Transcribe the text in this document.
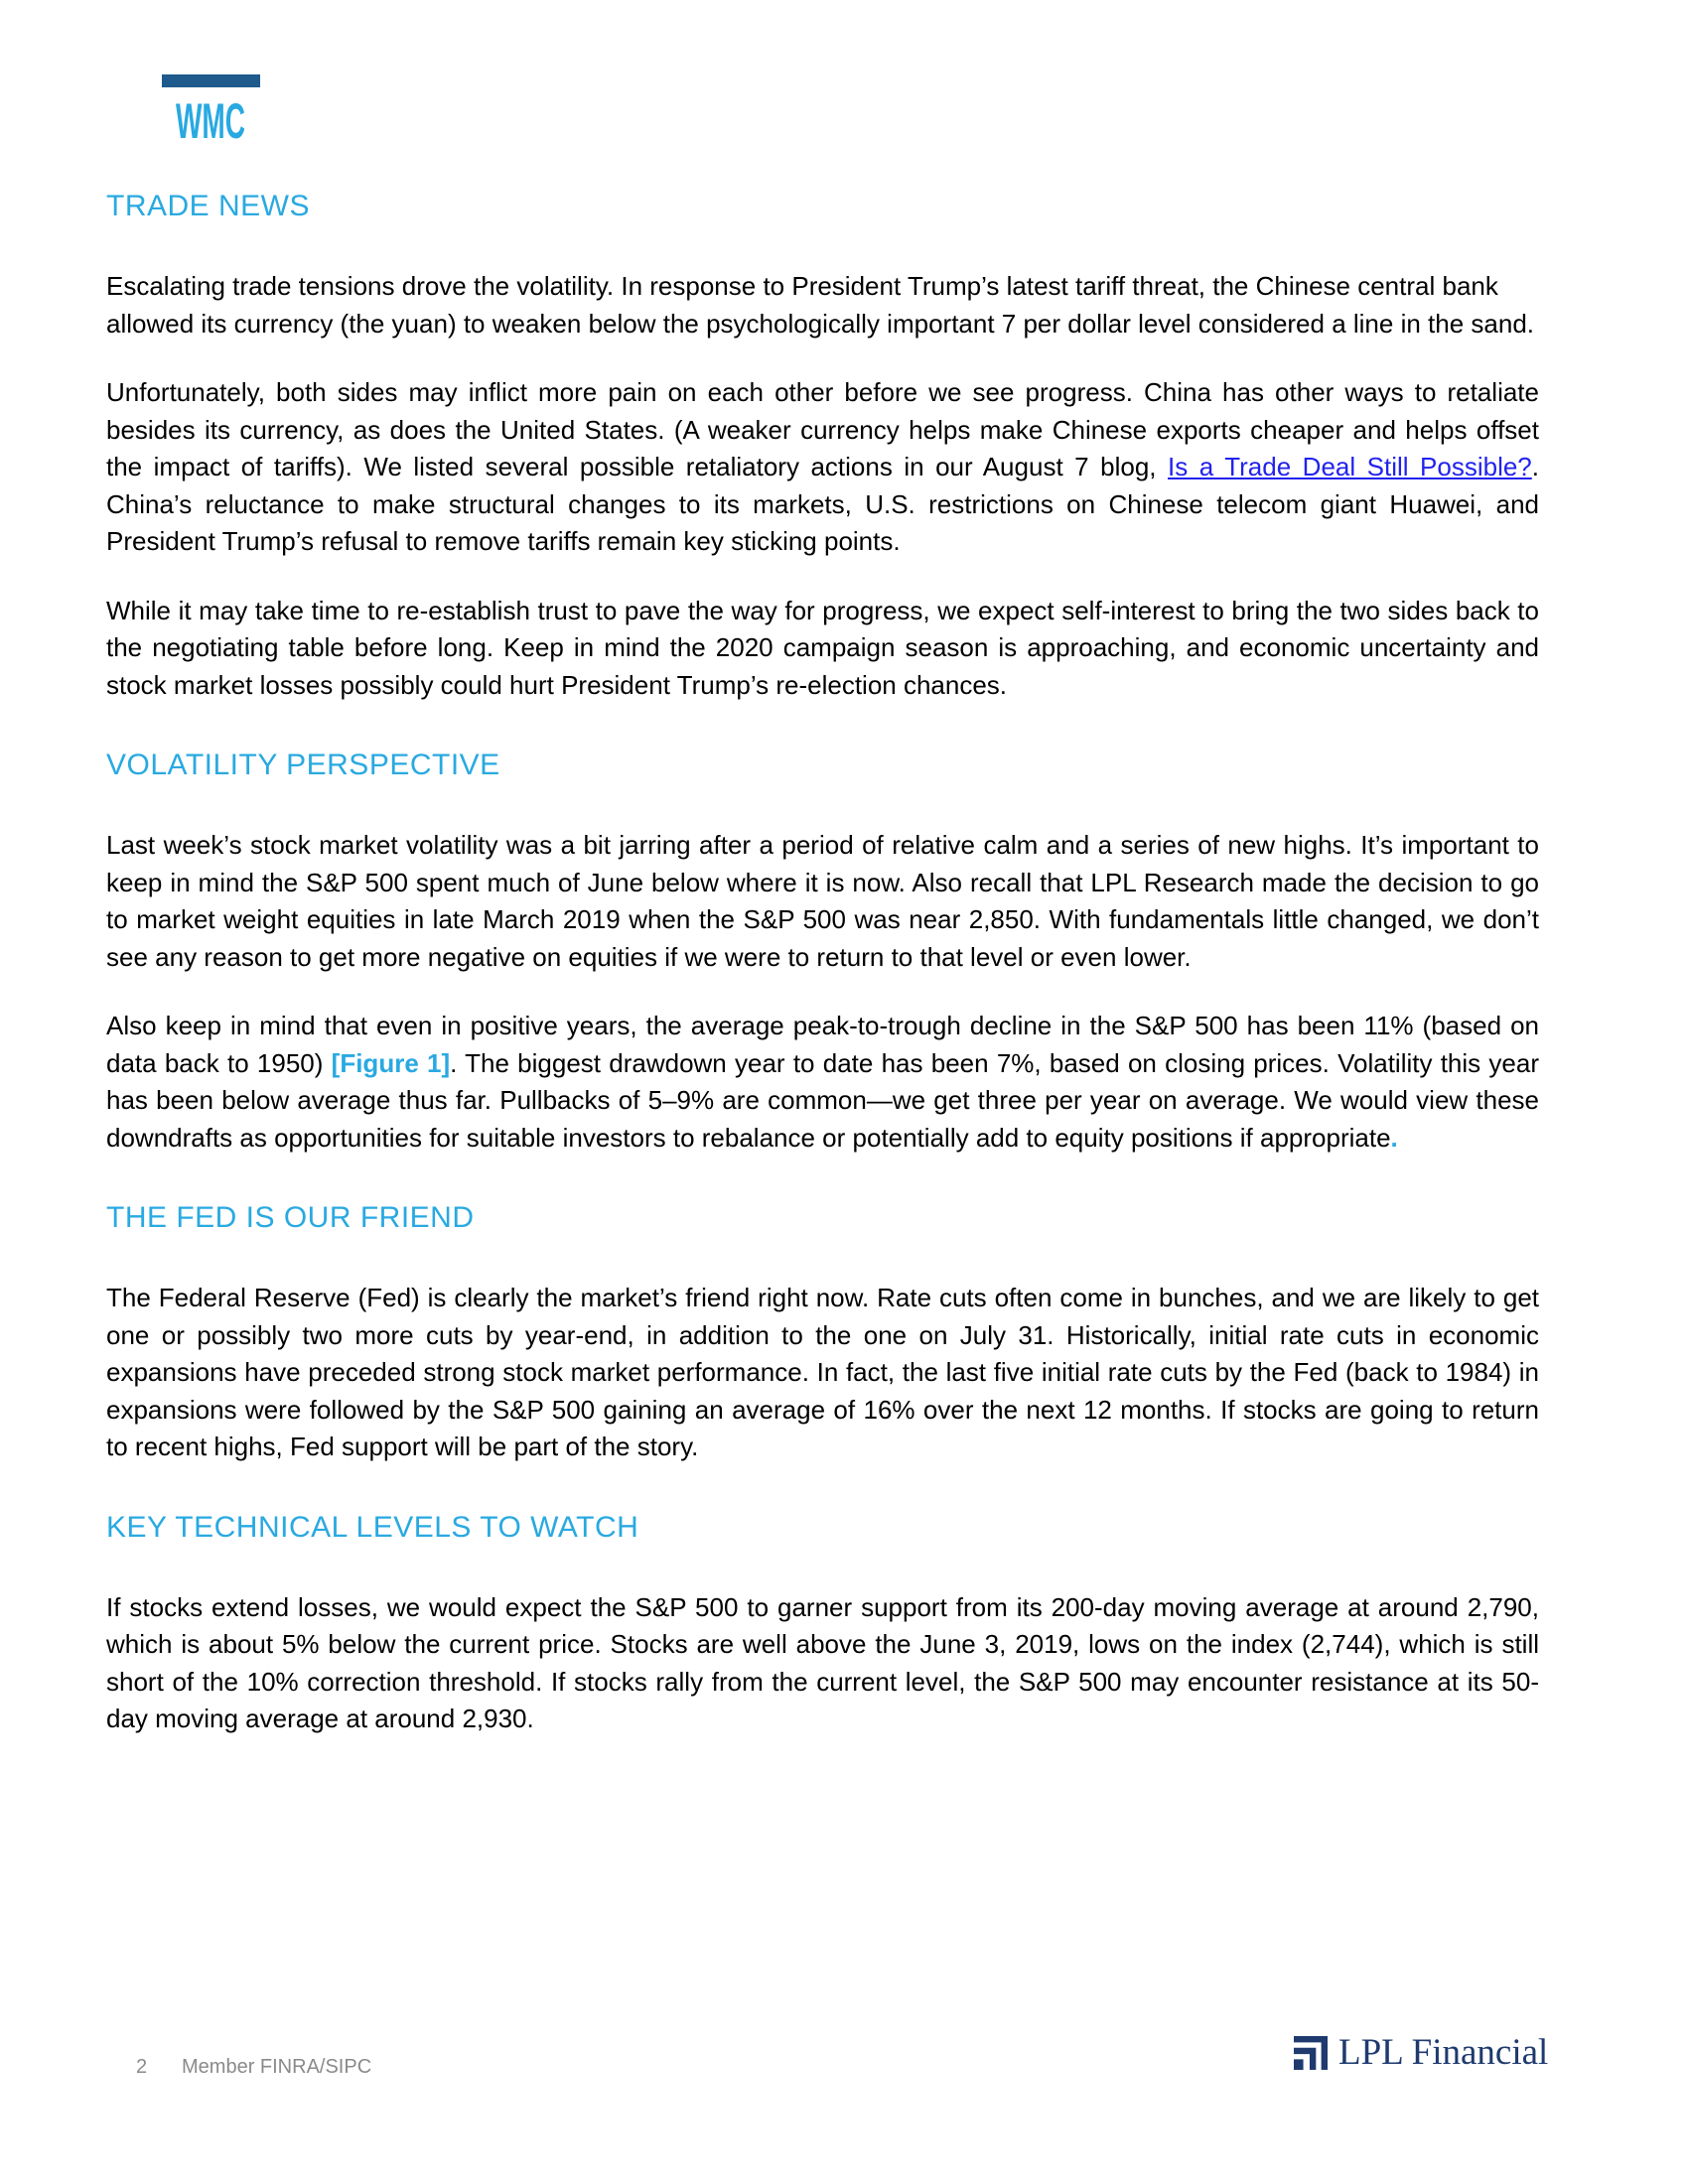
WMC
TRADE NEWS

Escalating trade tensions drove the volatility. In response to President Trump’s latest tariff threat, the Chinese central bank allowed its currency (the yuan) to weaken below the psychologically important 7 per dollar level considered a line in the sand.

Unfortunately, both sides may inflict more pain on each other before we see progress. China has other ways to retaliate besides its currency, as does the United States. (A weaker currency helps make Chinese exports cheaper and helps offset the impact of tariffs). We listed several possible retaliatory actions in our August 7 blog, Is a Trade Deal Still Possible?. China’s reluctance to make structural changes to its markets, U.S. restrictions on Chinese telecom giant Huawei, and President Trump’s refusal to remove tariffs remain key sticking points.

While it may take time to re-establish trust to pave the way for progress, we expect self-interest to bring the two sides back to the negotiating table before long. Keep in mind the 2020 campaign season is approaching, and economic uncertainty and stock market losses possibly could hurt President Trump’s re-election chances.

VOLATILITY PERSPECTIVE

Last week’s stock market volatility was a bit jarring after a period of relative calm and a series of new highs. It’s important to keep in mind the S&P 500 spent much of June below where it is now. Also recall that LPL Research made the decision to go to market weight equities in late March 2019 when the S&P 500 was near 2,850. With fundamentals little changed, we don’t see any reason to get more negative on equities if we were to return to that level or even lower.

Also keep in mind that even in positive years, the average peak-to-trough decline in the S&P 500 has been 11% (based on data back to 1950) [Figure 1]. The biggest drawdown year to date has been 7%, based on closing prices. Volatility this year has been below average thus far. Pullbacks of 5–9% are common—we get three per year on average. We would view these downdrafts as opportunities for suitable investors to rebalance or potentially add to equity positions if appropriate.

THE FED IS OUR FRIEND

The Federal Reserve (Fed) is clearly the market’s friend right now. Rate cuts often come in bunches, and we are likely to get one or possibly two more cuts by year-end, in addition to the one on July 31. Historically, initial rate cuts in economic expansions have preceded strong stock market performance. In fact, the last five initial rate cuts by the Fed (back to 1984) in expansions were followed by the S&P 500 gaining an average of 16% over the next 12 months. If stocks are going to return to recent highs, Fed support will be part of the story.

KEY TECHNICAL LEVELS TO WATCH

If stocks extend losses, we would expect the S&P 500 to garner support from its 200-day moving average at around 2,790, which is about 5% below the current price. Stocks are well above the June 3, 2019, lows on the index (2,744), which is still short of the 10% correction threshold. If stocks rally from the current level, the S&P 500 may encounter resistance at its 50-day moving average at around 2,930.

2 Member FINRA/SIPC	LPL Financial
